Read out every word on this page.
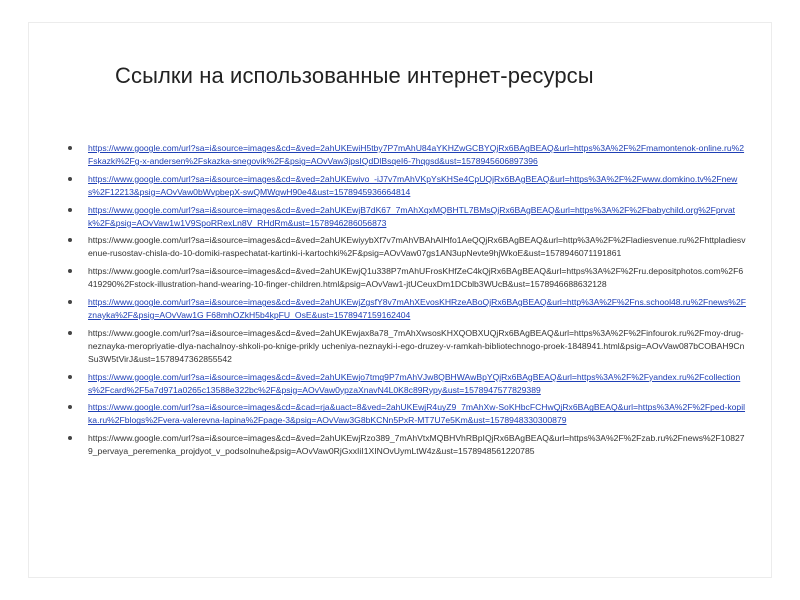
Ссылки на использованные интернет-ресурсы
https://www.google.com/url?sa=i&source=images&cd=&ved=2ahUKEwiH5tby7P7mAhU84aYKHZwGCBYQjRx6BAgBEAQ&url=https%3A%2F%2Fmamontenok-online.ru%2Fskazki%2Fg-x-andersen%2Fskazka-snegovik%2F&psig=AOvVaw3jpsIQdDlBsqeI6-7hqgsd&ust=1578945606897396
https://www.google.com/url?sa=i&source=images&cd=&ved=2ahUKEwivo_-iJ7v7mAhVKpYsKHSe4CpUQjRx6BAgBEAQ&url=https%3A%2F%2Fwww.domkino.tv%2Fnews%2F12213&psig=AOvVaw0bWvpbepX-swQMWqwH90e4&ust=1578945936664814
https://www.google.com/url?sa=i&source=images&cd=&ved=2ahUKEwjB7dK67_7mAhXqxMQBHTL7BMsQjRx6BAgBEAQ&url=https%3A%2F%2Fbabychild.org%2Fprvatk%2F&psig=AOvVaw1w1V9SpoRRexLn8V_RHdRm&ust=1578946286056873
https://www.google.com/url?sa=i&source=images&cd=&ved=2ahUKEwiyybXf7v7mAhVBAhAIHfo1AeQQjRx6BAgBEAQ&url=http%3A%2F%2Fladiesvenue.ru%2Fhttpladiesvenue-rusostav-chisla-do-10-domiki-raspechatat-kartinki-i-kartochki%2F&psig=AOvVaw07gs1AN3upNevte9hjWkoE&ust=1578946071191861
https://www.google.com/url?sa=i&source=images&cd=&ved=2ahUKEwjQ1u338P7mAhUFrosKHfZeC4kQjRx6BAgBEAQ&url=https%3A%2F%2Fru.depositphotos.com%2F6419290%2Fstock-illustration-hand-wearing-10-finger-children.html&psig=AOvVaw1-jtUCeuxDm1DCblb3WUcB&ust=1578946688632128
https://www.google.com/url?sa=i&source=images&cd=&ved=2ahUKEwjZgsfY8v7mAhXEvosKHRzeABoQjRx6BAgBEAQ&url=http%3A%2F%2Fns.school48.ru%2Fnews%2Fznayka%2F&psig=AOvVaw1G F68mhOZkH5b4kpFU_OsE&ust=1578947159162404
https://www.google.com/url?sa=i&source=images&cd=&ved=2ahUKEwjax8a78_7mAhXwsosKHXQOBXUQjRx6BAgBEAQ&url=https%3A%2F%2Finfourok.ru%2Fmoy-drug-neznayka-meropriyatie-dlya-nachalnoy-shkoli-po-knige-prikly ucheniya-neznayki-i-ego-druzey-v-ramkah-bibliotechnogo-proek-1848941.html&psig=AOvVaw087bCOBAH9CnSu3W5tVirJ&ust=1578947362855542
https://www.google.com/url?sa=i&source=images&cd=&ved=2ahUKEwjo7tmq9P7mAhVJw8QBHWAwBpYQjRx6BAgBEAQ&url=https%3A%2F%2Fyandex.ru%2Fcollections%2Fcard%2F5a7d971a0265c13588e322bc%2F&psig=AOvVaw0ypzaXnavN4L0K8c89Rypy&ust=1578947577829389
https://www.google.com/url?sa=i&source=images&cd=&cad=rja&uact=8&ved=2ahUKEwjR4uyZ9_7mAhXw-SoKHbcFCHwQjRx6BAgBEAQ&url=https%3A%2F%2Fped-kopilka.ru%2Fblogs%2Fvera-valerevna-lapina%2Fpage-3&psig=AOvVaw3G8bKCNn5PxR-MT7U7e5Km&ust=1578948330300879
https://www.google.com/url?sa=i&source=images&cd=&ved=2ahUKEwjRzo389_7mAhVtxMQBHVhRBpIQjRx6BAgBEAQ&url=https%3A%2F%2Fzab.ru%2Fnews%2F108279_pervaya_peremenka_projdyot_v_podsolnuhe&psig=AOvVaw0RjGxxIiI1XINOvUymLtW4z&ust=1578948561220785
